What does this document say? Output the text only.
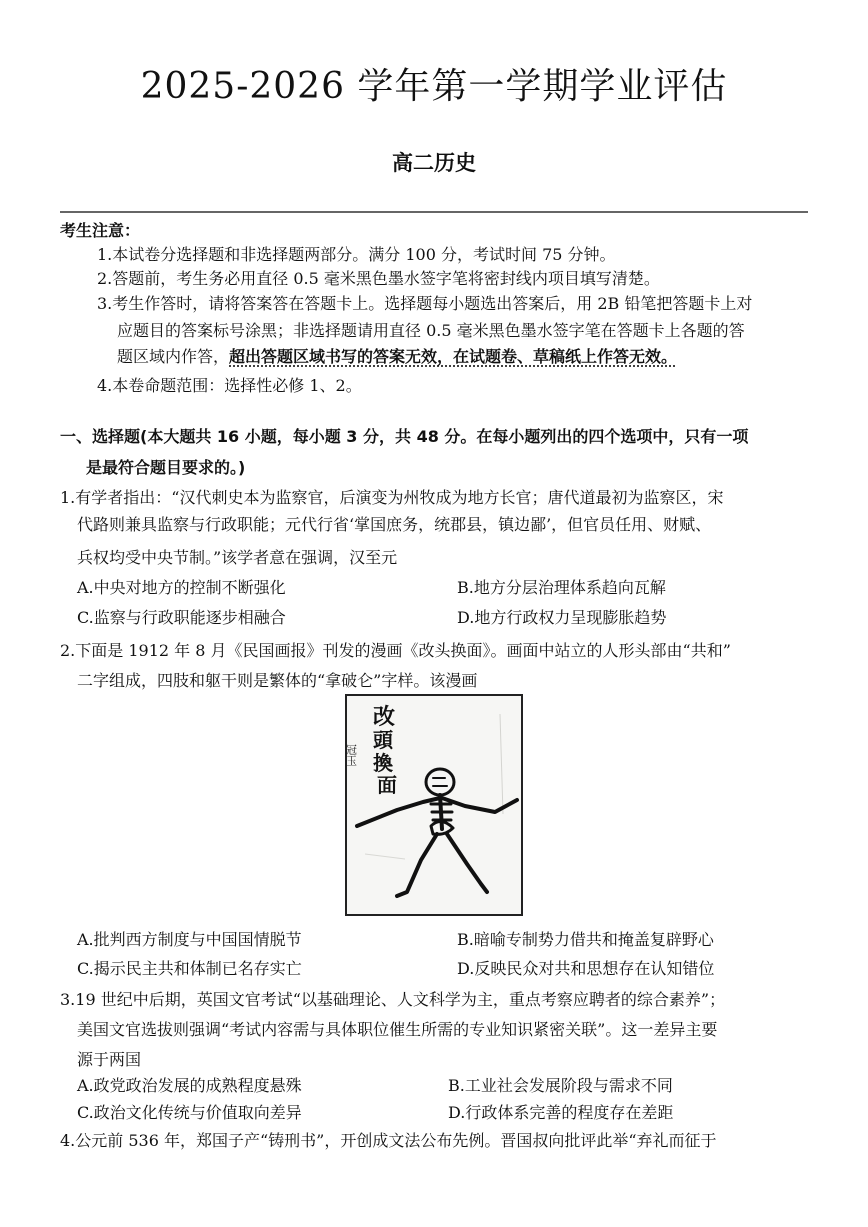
2025-2026 学年第一学期学业评估
高二历史
考生注意：
1.本试卷分选择题和非选择题两部分。满分 100 分，考试时间 75 分钟。
2.答题前，考生务必用直径 0.5 毫米黑色墨水签字笔将密封线内项目填写清楚。
3.考生作答时，请将答案答在答题卡上。选择题每小题选出答案后，用 2B 铅笔把答题卡上对
应题目的答案标号涂黑；非选择题请用直径 0.5 毫米黑色墨水签字笔在答题卡上各题的答
题区域内作答，超出答题区域书写的答案无效，在试题卷、草稿纸上作答无效。
4.本卷命题范围：选择性必修 1、2。
一、选择题(本大题共 16 小题，每小题 3 分，共 48 分。在每小题列出的四个选项中，只有一项
是最符合题目要求的。)
1.有学者指出：“汉代刺史本为监察官，后演变为州牧成为地方长官；唐代道最初为监察区，宋
代路则兼具监察与行政职能；元代行省‘掌国庶务，统郡县，镇边鄙’，但官员任用、财赋、
兵权均受中央节制。”该学者意在强调，汉至元
A.中央对地方的控制不断强化	B.地方分层治理体系趋向瓦解
C.监察与行政职能逐步相融合	D.地方行政权力呈现膨胀趋势
2.下面是 1912 年 8 月《民国画报》刊发的漫画《改头换面》。画面中站立的人形头部由“共和”
二字组成，四肢和躯干则是繁体的“拿破仑”字样。该漫画
改
頭
換
面
冠玉
A.批判西方制度与中国国情脱节	B.暗喻专制势力借共和掩盖复辟野心
C.揭示民主共和体制已名存实亡	D.反映民众对共和思想存在认知错位
3.19 世纪中后期，英国文官考试“以基础理论、人文科学为主，重点考察应聘者的综合素养”；
美国文官选拔则强调“考试内容需与具体职位催生所需的专业知识紧密关联”。这一差异主要
源于两国
A.政党政治发展的成熟程度悬殊	B.工业社会发展阶段与需求不同
C.政治文化传统与价值取向差异	D.行政体系完善的程度存在差距
4.公元前 536 年，郑国子产“铸刑书”，开创成文法公布先例。晋国叔向批评此举“弃礼而征于
